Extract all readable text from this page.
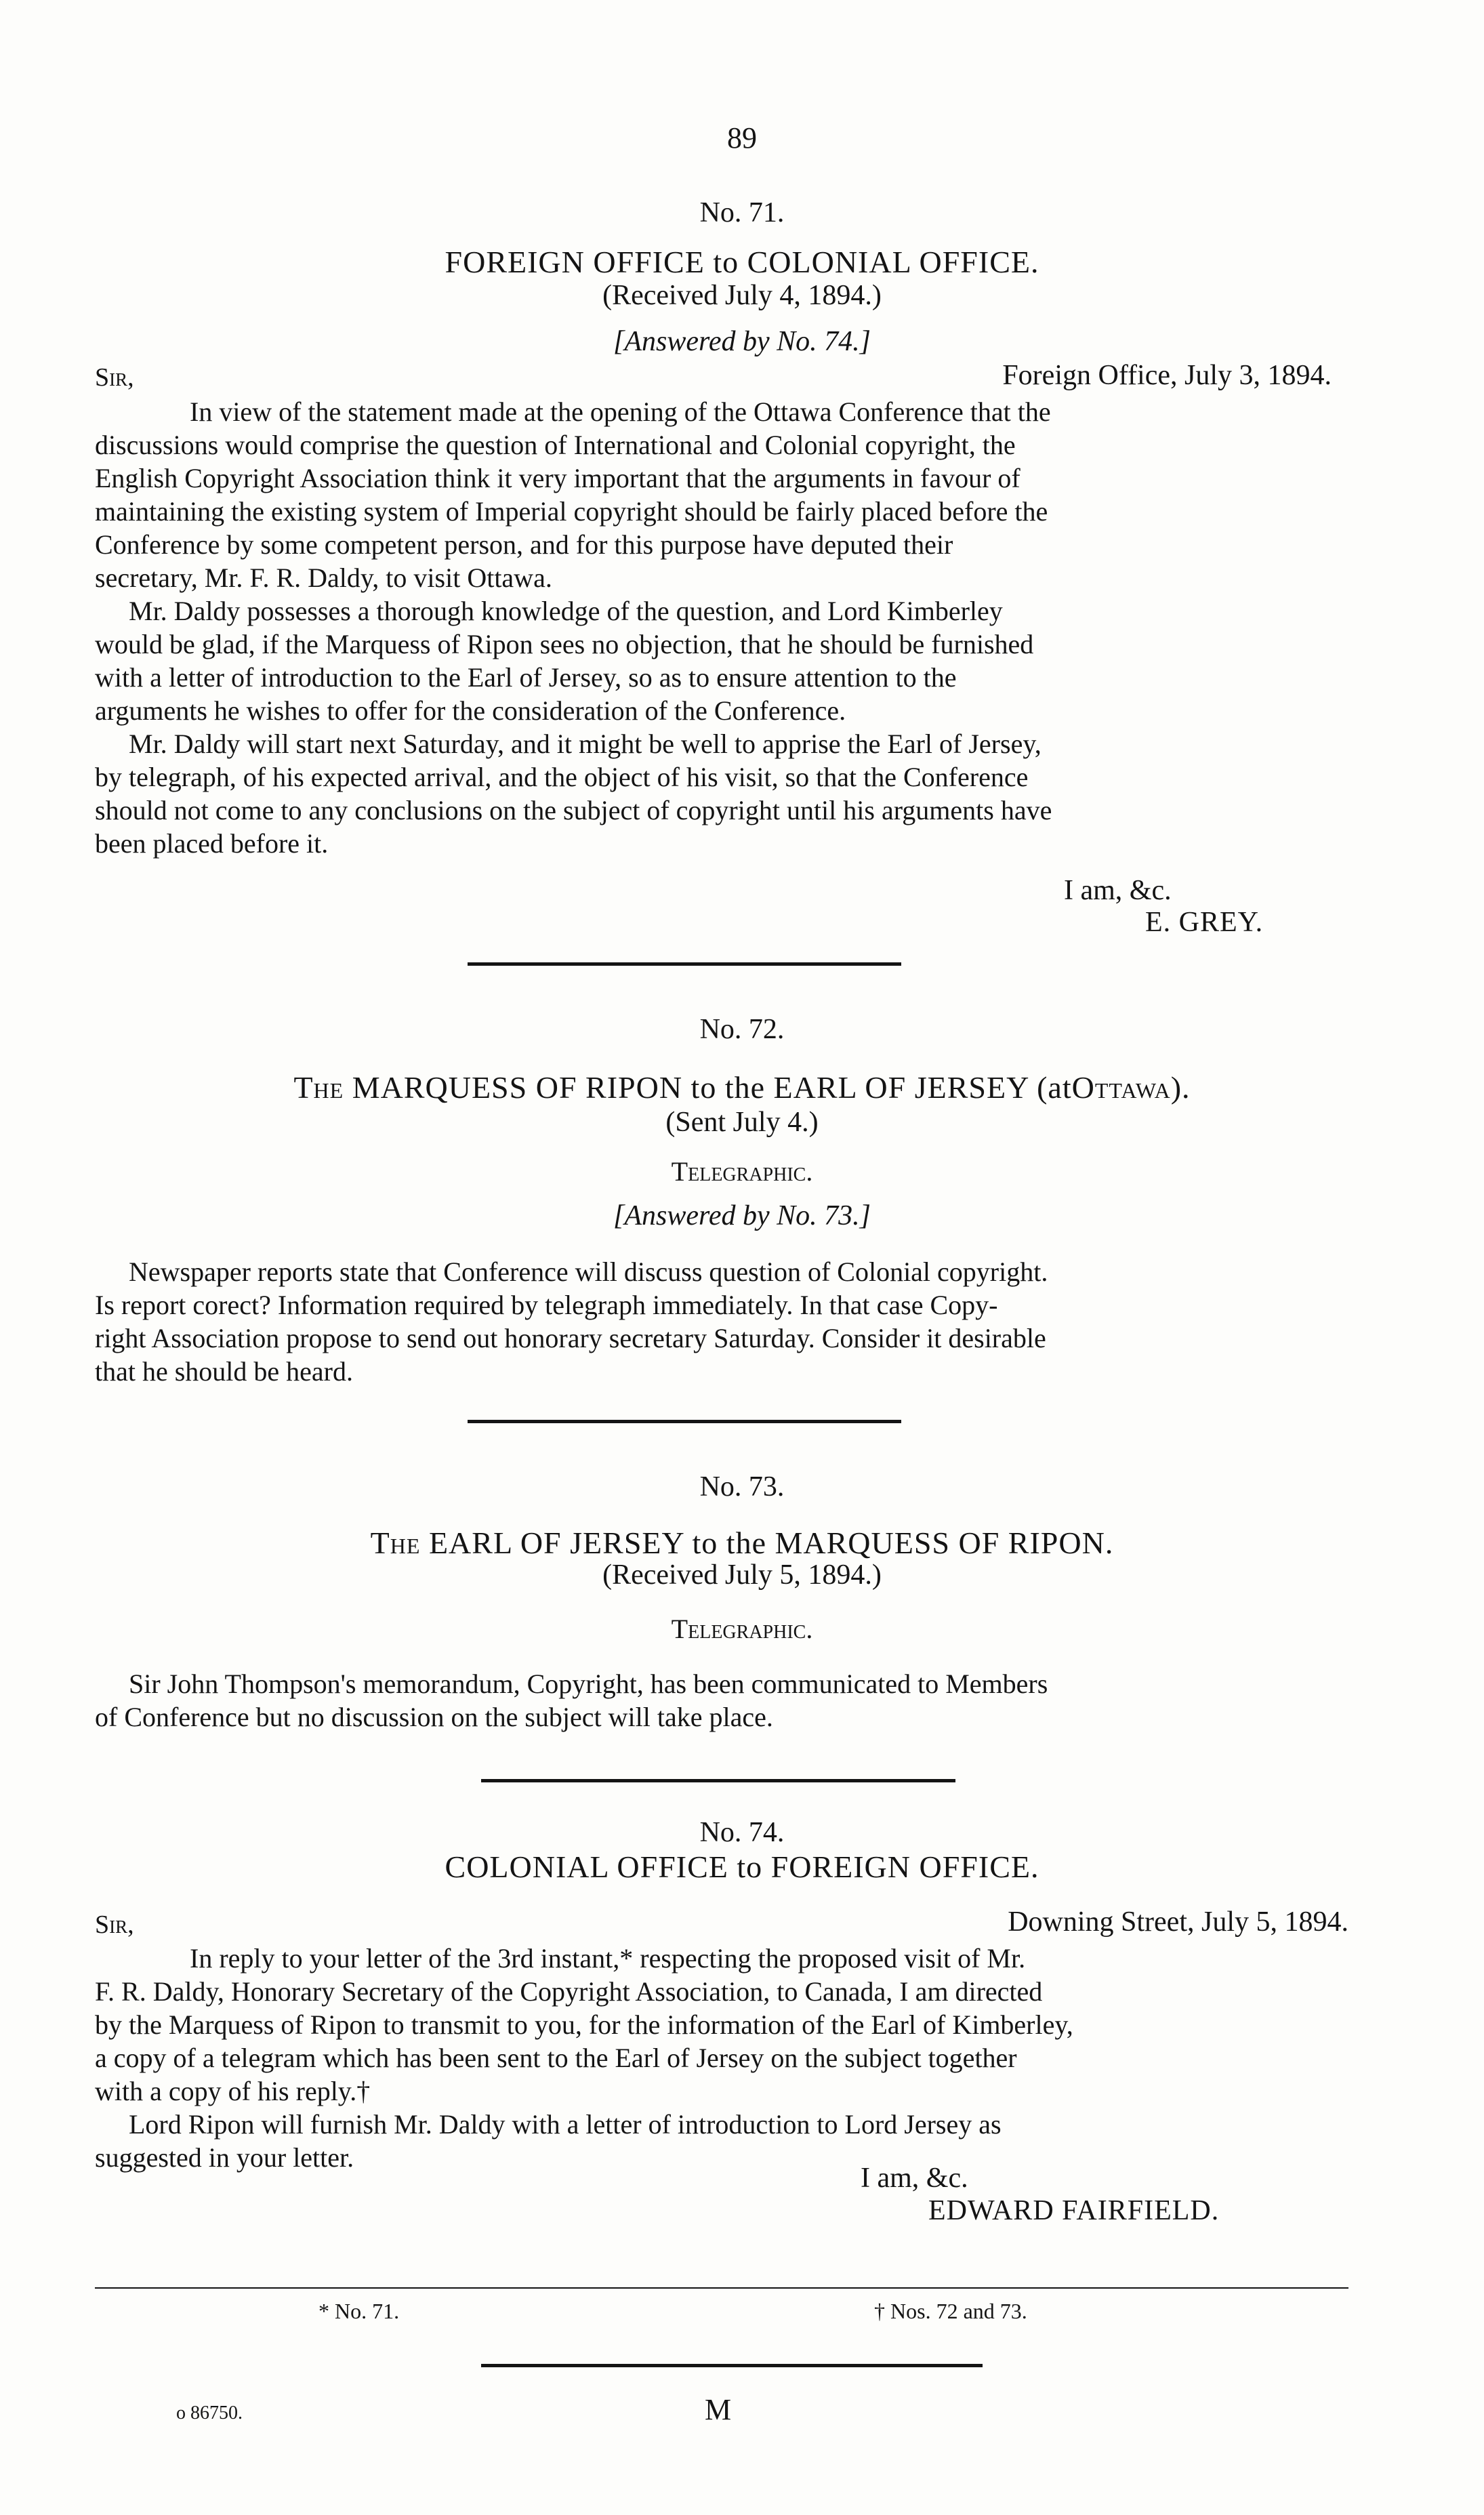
89
No. 71.
FOREIGN OFFICE to COLONIAL OFFICE.
(Received July 4, 1894.)
[Answered by No. 74.]
Sir,	Foreign Office, July 3, 1894.

In view of the statement made at the opening of the Ottawa Conference that the

discussions would comprise the question of International and Colonial copyright, the

English Copyright Association think it very important that the arguments in favour of

maintaining the existing system of Imperial copyright should be fairly placed before the

Conference by some competent person, and for this purpose have deputed their

secretary, Mr. F. R. Daldy, to visit Ottawa.

Mr. Daldy possesses a thorough knowledge of the question, and Lord Kimberley

would be glad, if the Marquess of Ripon sees no objection, that he should be furnished

with a letter of introduction to the Earl of Jersey, so as to ensure attention to the

arguments he wishes to offer for the consideration of the Conference.

Mr. Daldy will start next Saturday, and it might be well to apprise the Earl of Jersey,

by telegraph, of his expected arrival, and the object of his visit, so that the Conference

should not come to any conclusions on the subject of copyright until his arguments have

been placed before it.

I am, &c.
E. GREY.
No. 72.
The MARQUESS OF RIPON to the EARL OF JERSEY (atOttawa).
(Sent July 4.)
Telegraphic.
[Answered by No. 73.]

Newspaper reports state that Conference will discuss question of Colonial copyright.

Is report corect? Information required by telegraph immediately. In that case Copy-

right Association propose to send out honorary secretary Saturday. Consider it desirable

that he should be heard.

No. 73.
The EARL OF JERSEY to the MARQUESS OF RIPON.
(Received July 5, 1894.)
Telegraphic.

Sir John Thompson's memorandum, Copyright, has been communicated to Members

of Conference but no discussion on the subject will take place.

No. 74.
COLONIAL OFFICE to FOREIGN OFFICE.
Sir,	Downing Street, July 5, 1894.

In reply to your letter of the 3rd instant,* respecting the proposed visit of Mr.

F. R. Daldy, Honorary Secretary of the Copyright Association, to Canada, I am directed

by the Marquess of Ripon to transmit to you, for the information of the Earl of Kimberley,

a copy of a telegram which has been sent to the Earl of Jersey on the subject together

with a copy of his reply.†

Lord Ripon will furnish Mr. Daldy with a letter of introduction to Lord Jersey as

suggested in your letter.

I am, &c.
EDWARD FAIRFIELD.
* No. 71.	† Nos. 72 and 73.
o 86750.	M
